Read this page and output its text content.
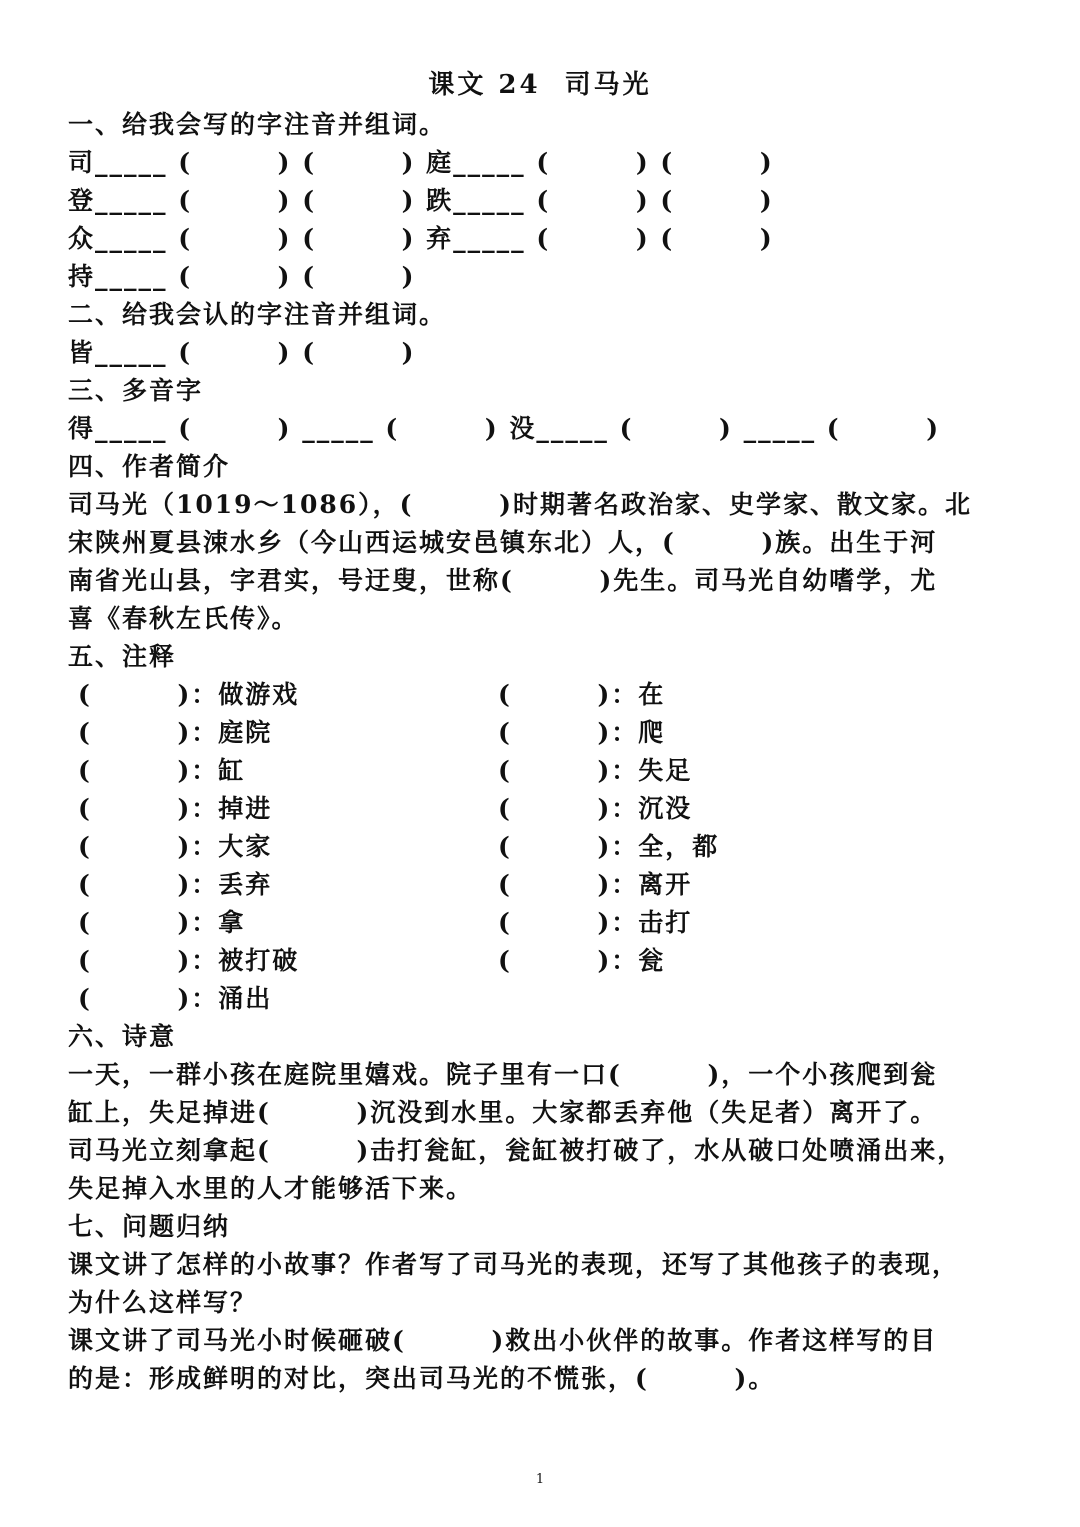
课文 24  司马光
一、给我会写的字注音并组词。
司_____ (        ) (        ) 庭_____ (        ) (        )
登_____ (        ) (        ) 跌_____ (        ) (        )
众_____ (        ) (        ) 弃_____ (        ) (        )
持_____ (        ) (        )
二、给我会认的字注音并组词。
皆_____ (        ) (        )
三、多音字
得_____ (        ) _____ (        ) 没_____ (        ) _____ (        )
四、作者简介
司马光（1019～1086），(        )时期著名政治家、史学家、散文家。北
宋陕州夏县涑水乡（今山西运城安邑镇东北）人，(        )族。出生于河
南省光山县，字君实，号迂叟，世称(        )先生。司马光自幼嗜学，尤
喜《春秋左氏传》。
五、注释
(        )：做游戏
(        )：庭院
(        )：缸
(        )：掉进
(        )：大家
(        )：丢弃
(        )：拿
(        )：被打破
(        )：涌出
(        )：在
(        )：爬
(        )：失足
(        )：沉没
(        )：全，都
(        )：离开
(        )：击打
(        )：瓮
六、诗意
一天，一群小孩在庭院里嬉戏。院子里有一口(        )，一个小孩爬到瓮
缸上，失足掉进(        )沉没到水里。大家都丢弃他（失足者）离开了。
司马光立刻拿起(        )击打瓮缸，瓮缸被打破了，水从破口处喷涌出来，
失足掉入水里的人才能够活下来。
七、问题归纳
课文讲了怎样的小故事？作者写了司马光的表现，还写了其他孩子的表现，
为什么这样写？
课文讲了司马光小时候砸破(        )救出小伙伴的故事。作者这样写的目
的是：形成鲜明的对比，突出司马光的不慌张，(        )。
1
